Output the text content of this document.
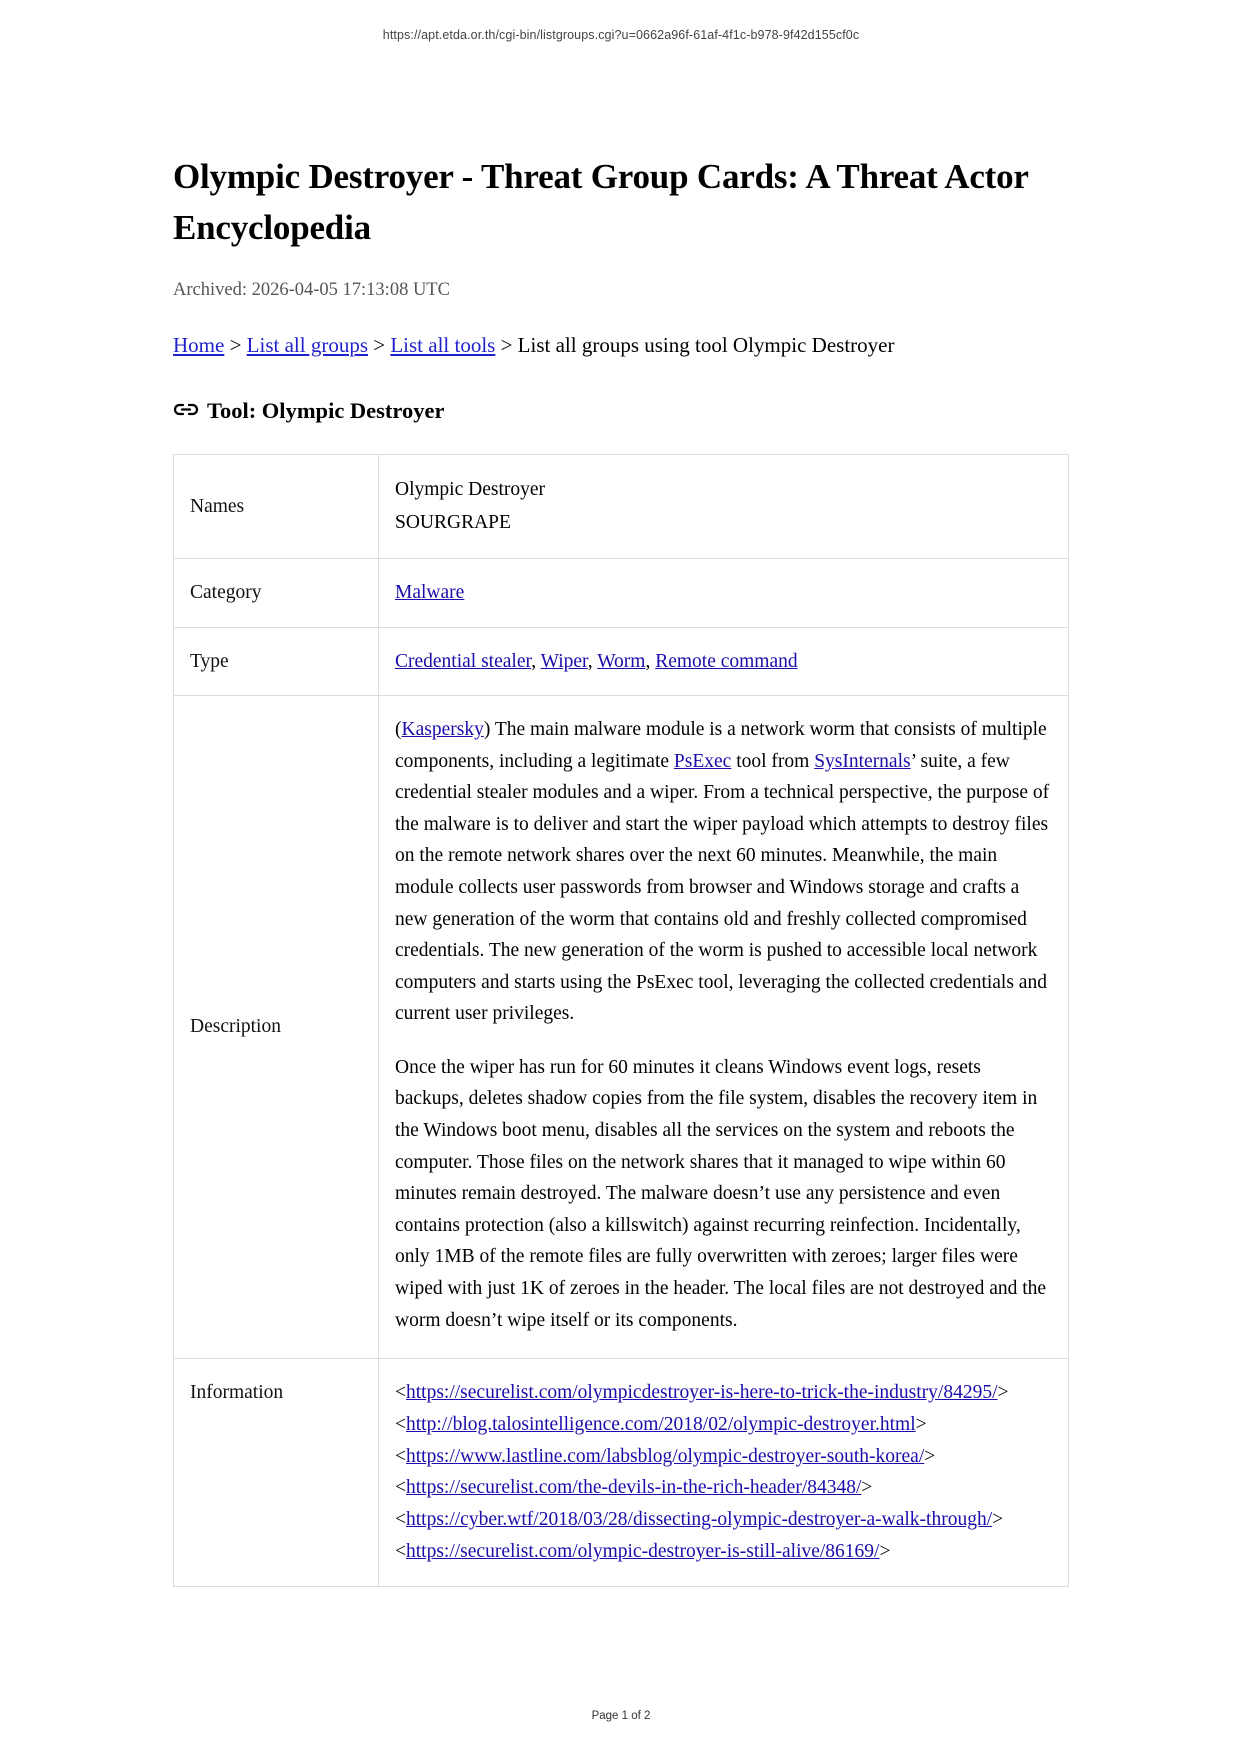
https://apt.etda.or.th/cgi-bin/listgroups.cgi?u=0662a96f-61af-4f1c-b978-9f42d155cf0c
Olympic Destroyer - Threat Group Cards: A Threat Actor Encyclopedia
Archived: 2026-04-05 17:13:08 UTC
Home > List all groups > List all tools > List all groups using tool Olympic Destroyer
Tool: Olympic Destroyer
Names	Olympic Destroyer
SOURGRAPE

Category	Malware
Type	Credential stealer, Wiper, Worm, Remote command
Description	(Kaspersky) The main malware module is a network worm that consists of multiple components, including a legitimate PsExec tool from SysInternals’ suite, a few credential stealer modules and a wiper. From a technical perspective, the purpose of the malware is to deliver and start the wiper payload which attempts to destroy files on the remote network shares over the next 60 minutes. Meanwhile, the main module collects user passwords from browser and Windows storage and crafts a new generation of the worm that contains old and freshly collected compromised credentials. The new generation of the worm is pushed to accessible local network computers and starts using the PsExec tool, leveraging the collected credentials and current user privileges.

Once the wiper has run for 60 minutes it cleans Windows event logs, resets backups, deletes shadow copies from the file system, disables the recovery item in the Windows boot menu, disables all the services on the system and reboots the computer. Those files on the network shares that it managed to wipe within 60 minutes remain destroyed. The malware doesn’t use any persistence and even contains protection (also a killswitch) against recurring reinfection. Incidentally, only 1MB of the remote files are fully overwritten with zeroes; larger files were wiped with just 1K of zeroes in the header. The local files are not destroyed and the worm doesn’t wipe itself or its components.

Information	<https://securelist.com/olympicdestroyer-is-here-to-trick-the-industry/84295/>
<http://blog.talosintelligence.com/2018/02/olympic-destroyer.html>
<https://www.lastline.com/labsblog/olympic-destroyer-south-korea/>
<https://securelist.com/the-devils-in-the-rich-header/84348/>
<https://cyber.wtf/2018/03/28/dissecting-olympic-destroyer-a-walk-through/>
<https://securelist.com/olympic-destroyer-is-still-alive/86169/>
Page 1 of 2
